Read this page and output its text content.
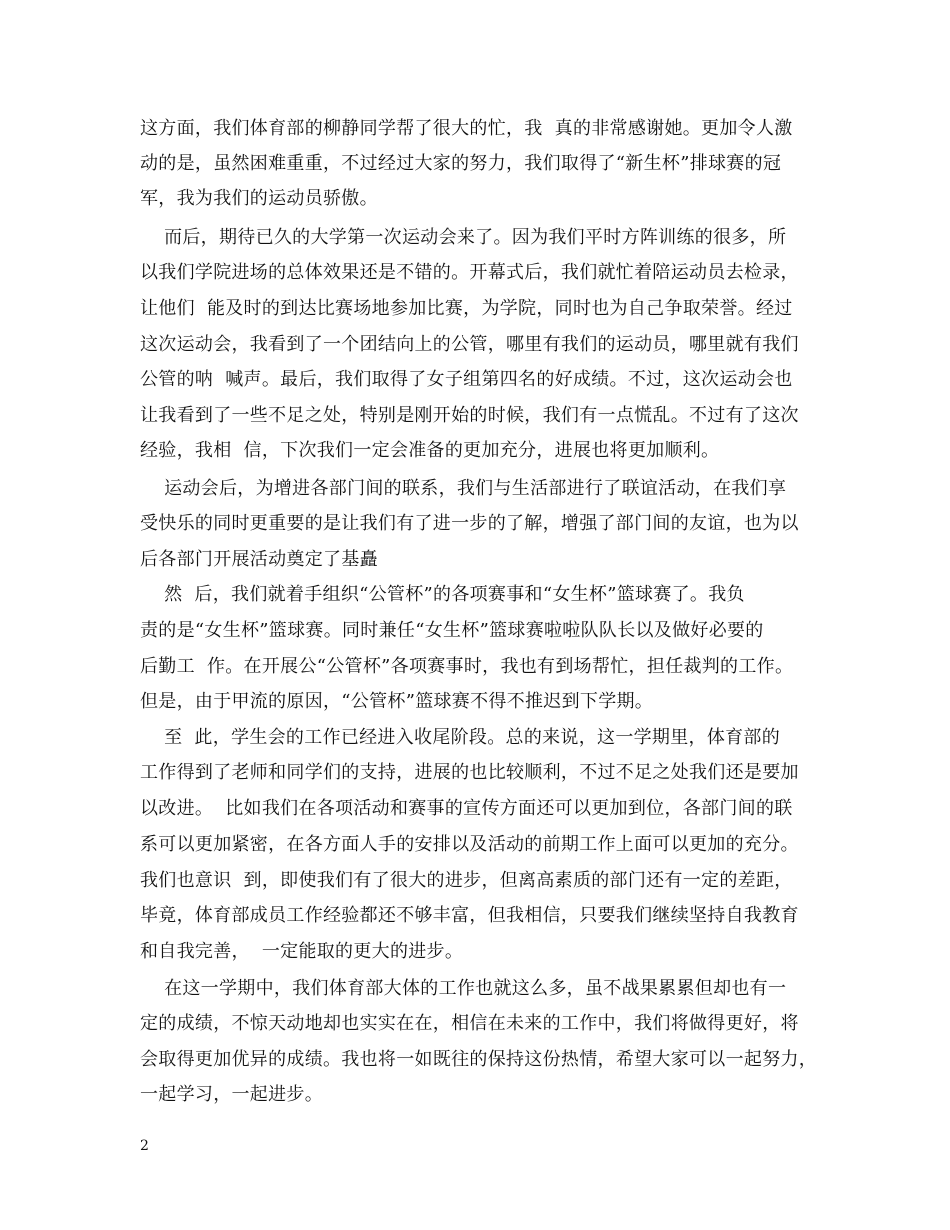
这方面，我们体育部的柳静同学帮了很大的忙，我  真的非常感谢她。更加令人激
动的是，虽然困难重重，不过经过大家的努力，我们取得了“新生杯”排球赛的冠
军，我为我们的运动员骄傲。
而后，期待已久的大学第一次运动会来了。因为我们平时方阵训练的很多，所
以我们学院进场的总体效果还是不错的。开幕式后，我们就忙着陪运动员去检录，
让他们  能及时的到达比赛场地参加比赛，为学院，同时也为自己争取荣誉。经过
这次运动会，我看到了一个团结向上的公管，哪里有我们的运动员，哪里就有我们
公管的呐  喊声。最后，我们取得了女子组第四名的好成绩。不过，这次运动会也
让我看到了一些不足之处，特别是刚开始的时候，我们有一点慌乱。不过有了这次
经验，我相  信，下次我们一定会准备的更加充分，进展也将更加顺利。
运动会后，为增进各部门间的联系，我们与生活部进行了联谊活动，在我们享
受快乐的同时更重要的是让我们有了进一步的了解，增强了部门间的友谊，也为以
后各部门开展活动奠定了基矗
然  后，我们就着手组织“公管杯”的各项赛事和“女生杯”篮球赛了。我负
责的是“女生杯”篮球赛。同时兼任“女生杯”篮球赛啦啦队队长以及做好必要的
后勤工  作。在开展公“公管杯”各项赛事时，我也有到场帮忙，担任裁判的工作。
但是，由于甲流的原因，“公管杯”篮球赛不得不推迟到下学期。
至  此，学生会的工作已经进入收尾阶段。总的来说，这一学期里，体育部的
工作得到了老师和同学们的支持，进展的也比较顺利，不过不足之处我们还是要加
以改进。  比如我们在各项活动和赛事的宣传方面还可以更加到位，各部门间的联
系可以更加紧密，在各方面人手的安排以及活动的前期工作上面可以更加的充分。
我们也意识  到，即使我们有了很大的进步，但离高素质的部门还有一定的差距，
毕竟，体育部成员工作经验都还不够丰富，但我相信，只要我们继续坚持自我教育
和自我完善，  一定能取的更大的进步。
在这一学期中，我们体育部大体的工作也就这么多，虽不战果累累但却也有一
定的成绩，不惊天动地却也实实在在，相信在未来的工作中，我们将做得更好，将
会取得更加优异的成绩。我也将一如既往的保持这份热情，希望大家可以一起努力，
一起学习，一起进步。
2
